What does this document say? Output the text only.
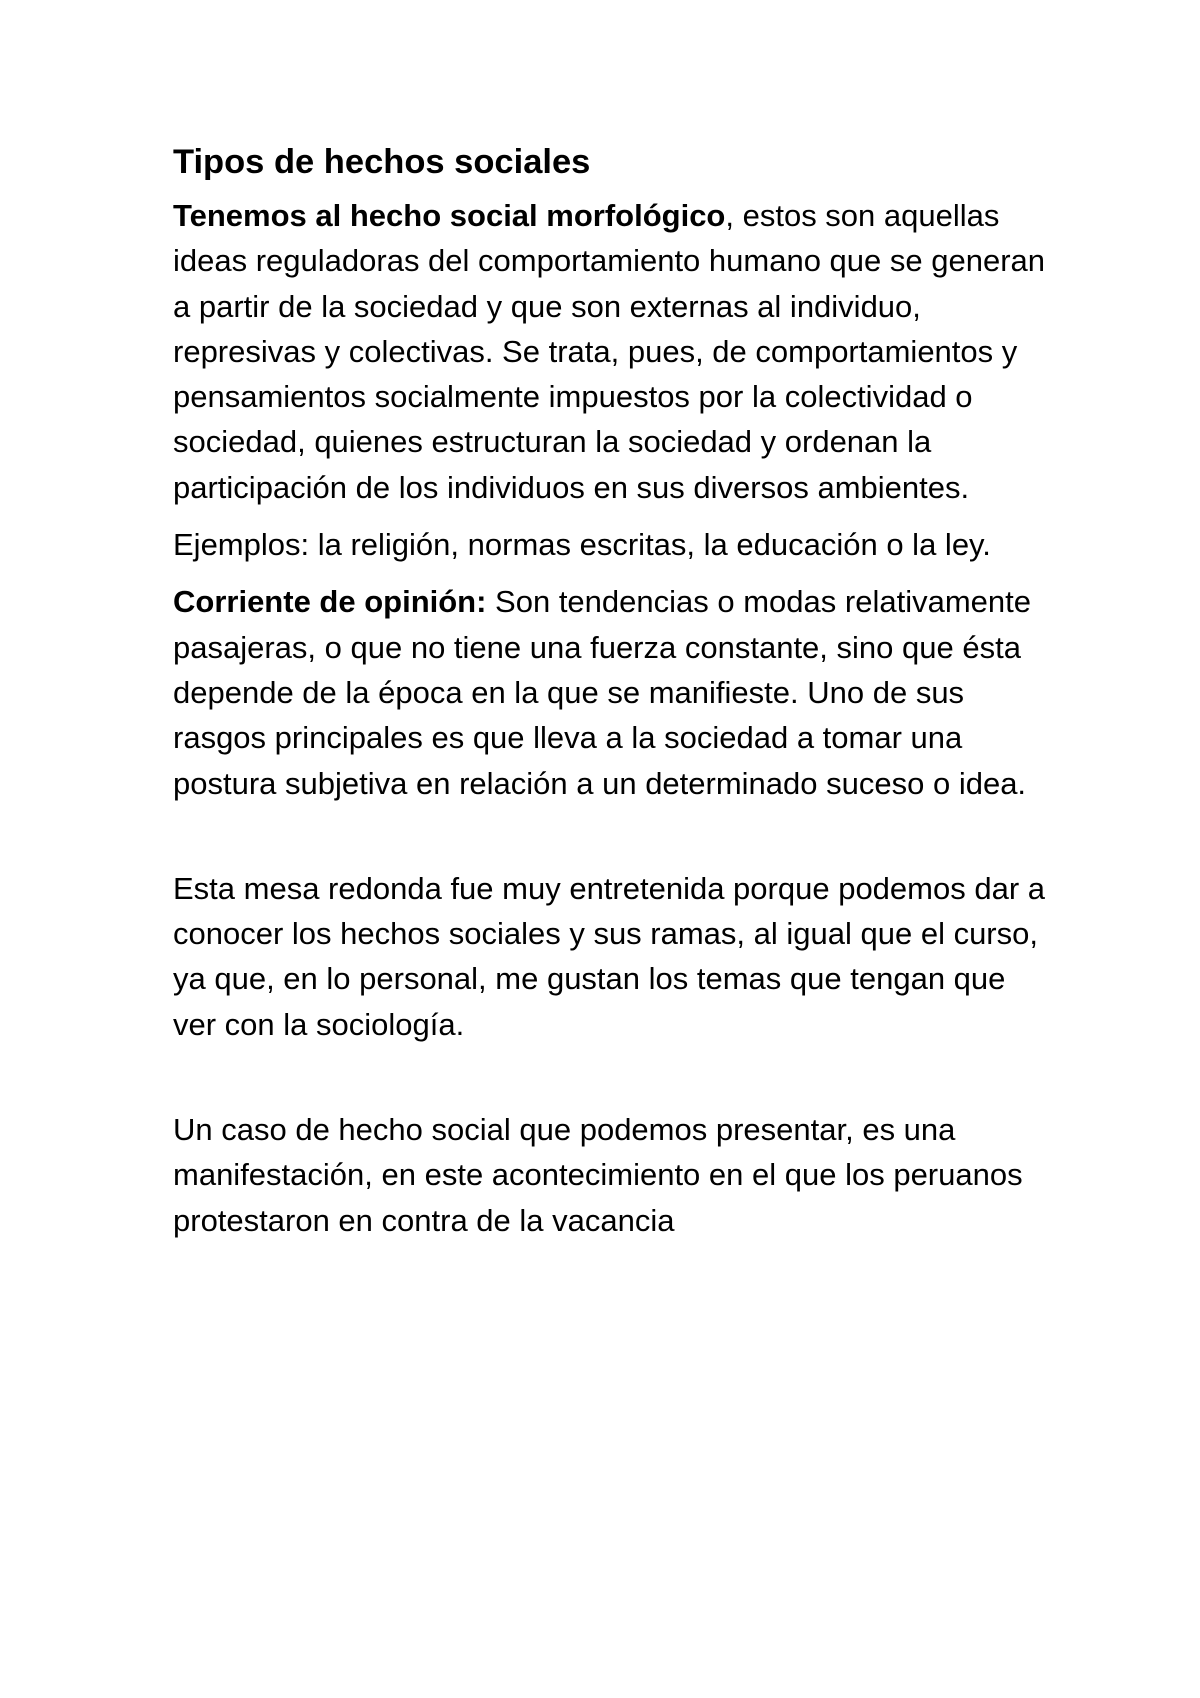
Tipos de hechos sociales

Tenemos al hecho social morfológico, estos son aquellas ideas reguladoras del comportamiento humano que se generan a partir de la sociedad y que son externas al individuo, represivas y colectivas. Se trata, pues, de comportamientos y pensamientos socialmente impuestos por la colectividad o sociedad, quienes estructuran la sociedad y ordenan la participación de los individuos en sus diversos ambientes.

Ejemplos: la religión, normas escritas, la educación o la ley.

Corriente de opinión: Son tendencias o modas relativamente pasajeras, o que no tiene una fuerza constante, sino que ésta depende de la época en la que se manifieste. Uno de sus rasgos principales es que lleva a la sociedad a tomar una postura subjetiva en relación a un determinado suceso o idea.

Esta mesa redonda fue muy entretenida porque podemos dar a conocer los hechos sociales y sus ramas, al igual que el curso, ya que, en lo personal, me gustan los temas que tengan que ver con la sociología.

Un caso de hecho social que podemos presentar, es una manifestación, en este acontecimiento en el que los peruanos protestaron en contra de la vacancia
